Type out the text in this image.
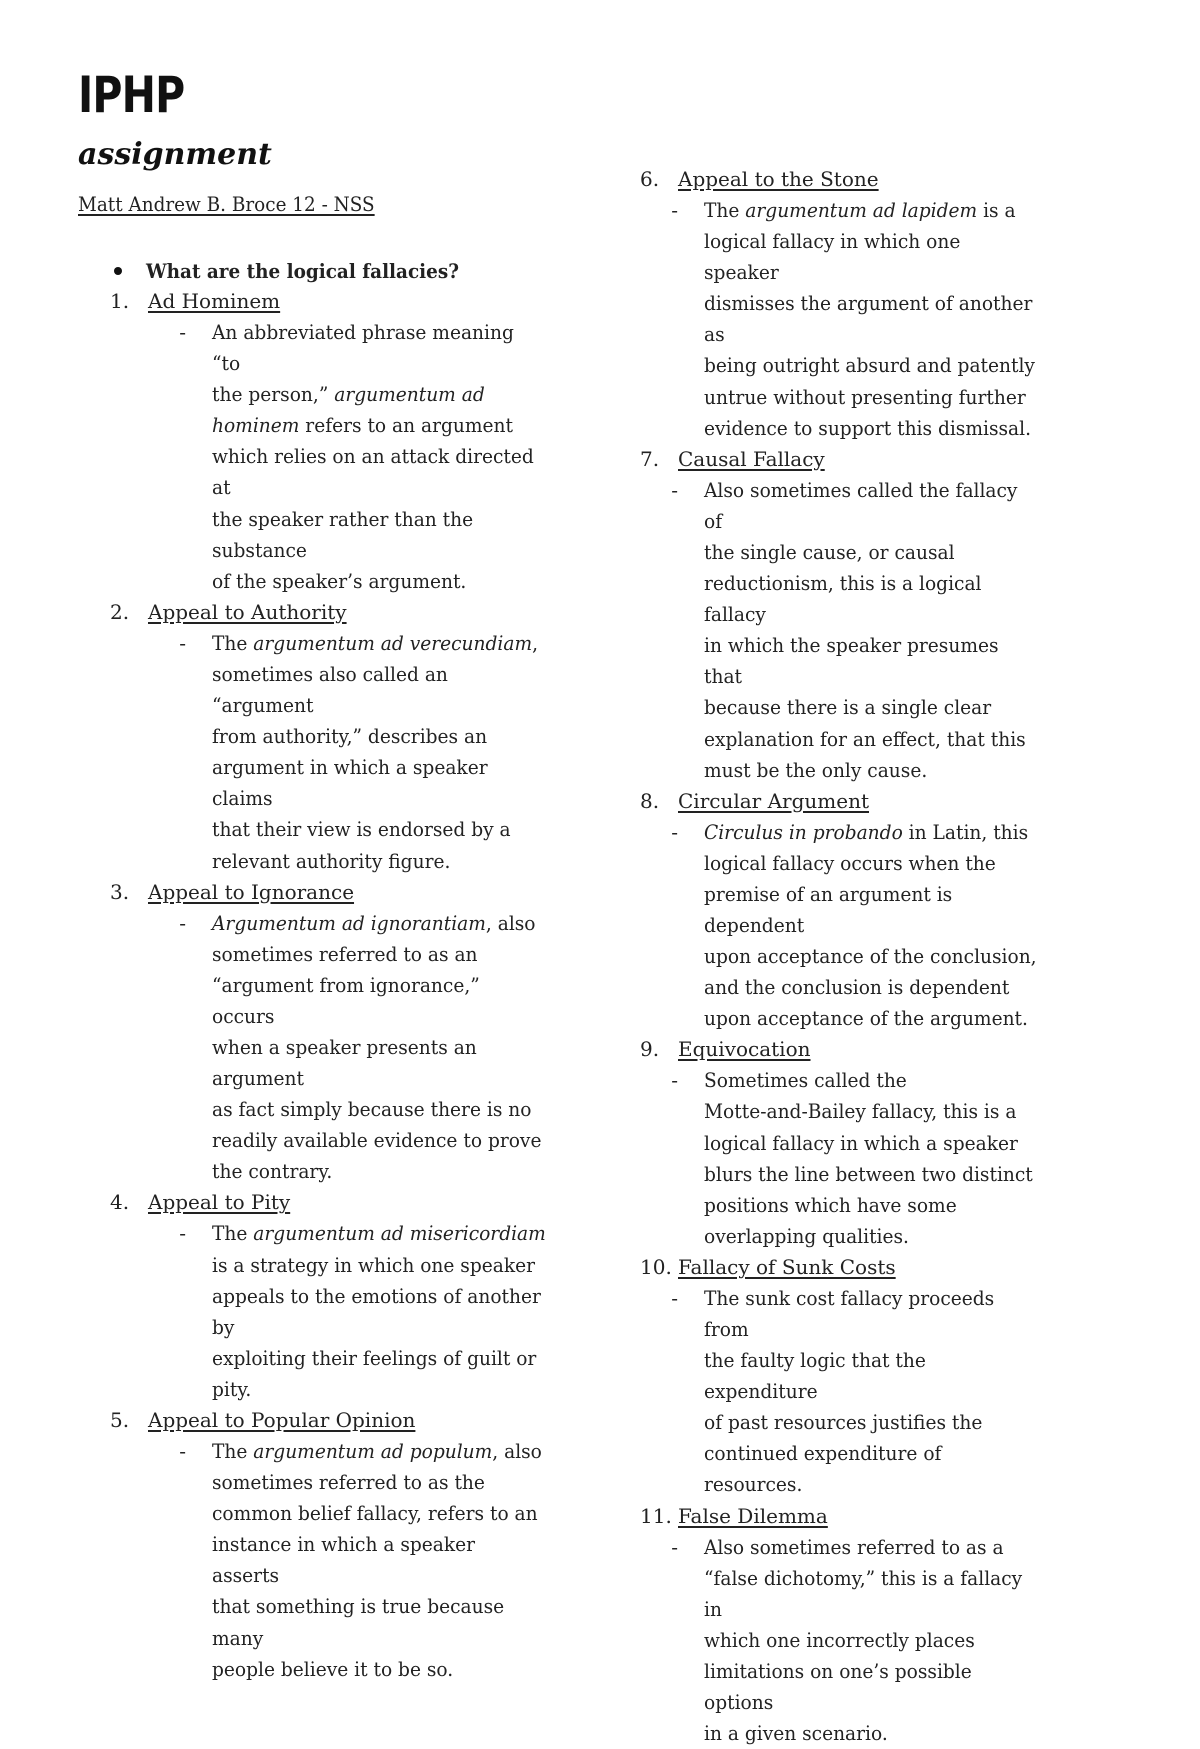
IPHP
assignment
Matt Andrew B. Broce 12 - NSS
What are the logical fallacies?
1. Ad Hominem
-	An abbreviated phrase meaning “to
the person,” argumentum ad
hominem refers to an argument
which relies on an attack directed at
the speaker rather than the substance
of the speaker’s argument.
2. Appeal to Authority
-	The argumentum ad verecundiam,
sometimes also called an “argument
from authority,” describes an
argument in which a speaker claims
that their view is endorsed by a
relevant authority figure.
3. Appeal to Ignorance
-	Argumentum ad ignorantiam, also
sometimes referred to as an
“argument from ignorance,” occurs
when a speaker presents an argument
as fact simply because there is no
readily available evidence to prove
the contrary.
4. Appeal to Pity
-	The argumentum ad misericordiam
is a strategy in which one speaker
appeals to the emotions of another by
exploiting their feelings of guilt or
pity.
5. Appeal to Popular Opinion
-	The argumentum ad populum, also
sometimes referred to as the
common belief fallacy, refers to an
instance in which a speaker asserts
that something is true because many
people believe it to be so.
6. Appeal to the Stone
-	The argumentum ad lapidem is a
logical fallacy in which one speaker
dismisses the argument of another as
being outright absurd and patently
untrue without presenting further
evidence to support this dismissal.
7. Causal Fallacy
-	Also sometimes called the fallacy of
the single cause, or causal
reductionism, this is a logical fallacy
in which the speaker presumes that
because there is a single clear
explanation for an effect, that this
must be the only cause.
8. Circular Argument
-	Circulus in probando in Latin, this
logical fallacy occurs when the
premise of an argument is dependent
upon acceptance of the conclusion,
and the conclusion is dependent
upon acceptance of the argument.
9. Equivocation
-	Sometimes called the
Motte-and-Bailey fallacy, this is a
logical fallacy in which a speaker
blurs the line between two distinct
positions which have some
overlapping qualities.
10. Fallacy of Sunk Costs
-	The sunk cost fallacy proceeds from
the faulty logic that the expenditure
of past resources justifies the
continued expenditure of resources.
11. False Dilemma
-	Also sometimes referred to as a
“false dichotomy,” this is a fallacy in
which one incorrectly places
limitations on one’s possible options
in a given scenario.
